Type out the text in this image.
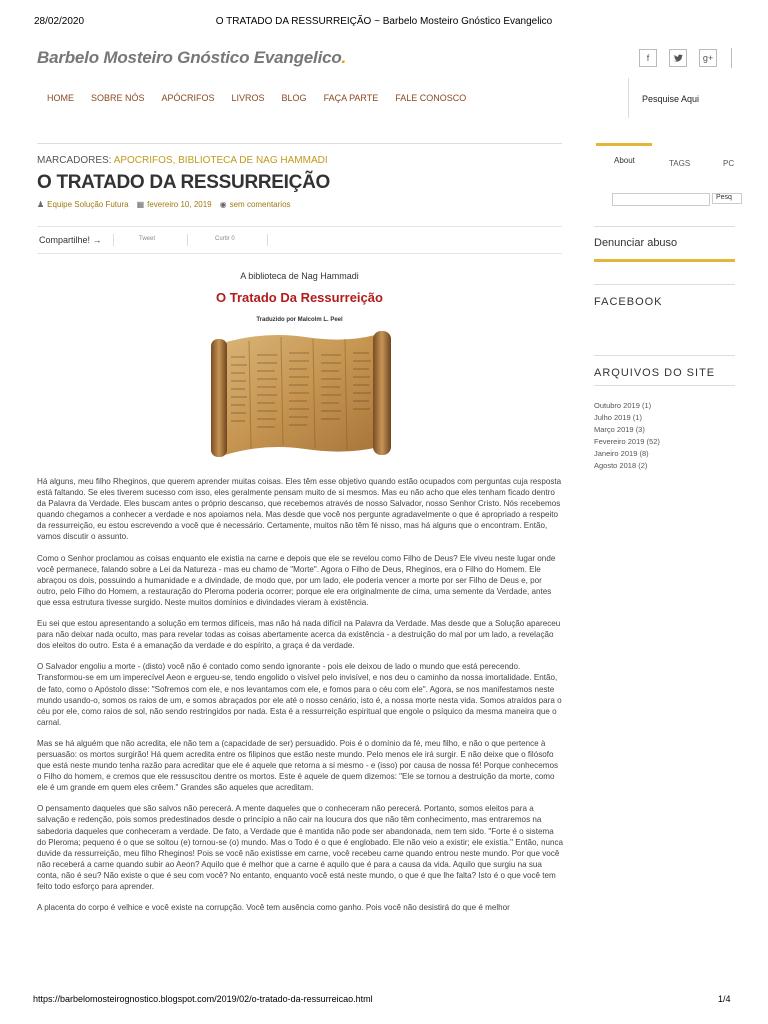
28/02/2020	O TRATADO DA RESSURREIÇÃO ~ Barbelo Mosteiro Gnóstico Evangelico
Barbelo Mosteiro Gnóstico Evangelico.	f	g+
HOME SOBRE NÓS APÓCRIFOS LIVROS BLOG FAÇA PARTE FALE CONOSCO	Pesquise Aqui
MARCADORES: APOCRIFOS, BIBLIOTECA DE NAG HAMMADI
O TRATADO DA RESSURREIÇÃO
♟ Equipe Solução Futura ▦ fevereiro 10, 2019 ◉ sem comentarios
Compartilhe! →	Tweet	Curtir 0
A biblioteca de Nag Hammadi
O Tratado Da Ressurreição
Traduzido por Malcolm L. Peel

Há alguns, meu filho Rheginos, que querem aprender muitas coisas. Eles têm esse objetivo quando estão ocupados com perguntas cuja resposta está faltando. Se eles tiverem sucesso com isso, eles geralmente pensam muito de si mesmos. Mas eu não acho que eles tenham ficado dentro da Palavra da Verdade. Eles buscam antes o próprio descanso, que recebemos através de nosso Salvador, nosso Senhor Cristo. Nós recebemos quando chegamos a conhecer a verdade e nos apoiamos nela. Mas desde que você nos pergunte agradavelmente o que é apropriado a respeito da ressurreição, eu estou escrevendo a você que é necessário. Certamente, muitos não têm fé nisso, mas há alguns que o encontram. Então, vamos discutir o assunto.

Como o Senhor proclamou as coisas enquanto ele existia na carne e depois que ele se revelou como Filho de Deus? Ele viveu neste lugar onde você permanece, falando sobre a Lei da Natureza - mas eu chamo de "Morte". Agora o Filho de Deus, Rheginos, era o Filho do Homem. Ele abraçou os dois, possuindo a humanidade e a divindade, de modo que, por um lado, ele poderia vencer a morte por ser Filho de Deus e, por outro, pelo Filho do Homem, a restauração do Pleroma poderia ocorrer; porque ele era originalmente de cima, uma semente da Verdade, antes que essa estrutura tivesse surgido. Neste muitos domínios e divindades vieram à existência.

Eu sei que estou apresentando a solução em termos difíceis, mas não há nada difícil na Palavra da Verdade. Mas desde que a Solução apareceu para não deixar nada oculto, mas para revelar todas as coisas abertamente acerca da existência - a destruição do mal por um lado, a revelação dos eleitos do outro. Esta é a emanação da verdade e do espírito, a graça é da verdade.

O Salvador engoliu a morte - (disto) você não é contado como sendo ignorante - pois ele deixou de lado o mundo que está perecendo. Transformou-se em um imperecível Aeon e ergueu-se, tendo engolido o visível pelo invisível, e nos deu o caminho da nossa imortalidade. Então, de fato, como o Apóstolo disse: "Sofremos com ele, e nos levantamos com ele, e fomos para o céu com ele". Agora, se nos manifestamos neste mundo usando-o, somos os raios de um, e somos abraçados por ele até o nosso cenário, isto é, a nossa morte nesta vida. Somos atraídos para o céu por ele, como raios de sol, não sendo restringidos por nada. Esta é a ressurreição espiritual que engole o psíquico da mesma maneira que o carnal.

Mas se há alguém que não acredita, ele não tem a (capacidade de ser) persuadido. Pois é o domínio da fé, meu filho, e não o que pertence à persuasão: os mortos surgirão! Há quem acredita entre os filipinos que estão neste mundo. Pelo menos ele irá surgir. E não deixe que o filósofo que está neste mundo tenha razão para acreditar que ele é aquele que retorna a si mesmo - e (isso) por causa de nossa fé! Porque conhecemos o Filho do homem, e cremos que ele ressuscitou dentre os mortos. Este é aquele de quem dizemos: "Ele se tornou a destruição da morte, como ele é um grande em quem eles crêem." Grandes são aqueles que acreditam.

O pensamento daqueles que são salvos não perecerá. A mente daqueles que o conheceram não perecerá. Portanto, somos eleitos para a salvação e redenção, pois somos predestinados desde o princípio a não cair na loucura dos que não têm conhecimento, mas entraremos na sabedoria daqueles que conheceram a verdade. De fato, a Verdade que é mantida não pode ser abandonada, nem tem sido. "Forte é o sistema do Pleroma; pequeno é o que se soltou (e) tornou-se (o) mundo. Mas o Todo é o que é englobado. Ele não veio a existir; ele existia." Então, nunca duvide da ressurreição, meu filho Rheginos! Pois se você não existisse em carne, você recebeu carne quando entrou neste mundo. Por que você não receberá a carne quando subir ao Aeon? Aquilo que é melhor que a carne é aquilo que é para a causa da vida. Aquilo que surgiu na sua conta, não é seu? Não existe o que é seu com você? No entanto, enquanto você está neste mundo, o que é que lhe falta? Isto é o que você tem feito todo esforço para aprender.

A placenta do corpo é velhice e você existe na corrupção. Você tem ausência como ganho. Pois você não desistirá do que é melhor

About	TAGS	PC
Pesq
Denunciar abuso
FACEBOOK
ARQUIVOS DO SITE
Outubro 2019 (1)
Julho 2019 (1)
Março 2019 (3)
Fevereiro 2019 (52)
Janeiro 2019 (8)
Agosto 2018 (2)
https://barbelomosteirognostico.blogspot.com/2019/02/o-tratado-da-ressurreicao.html	1/4
